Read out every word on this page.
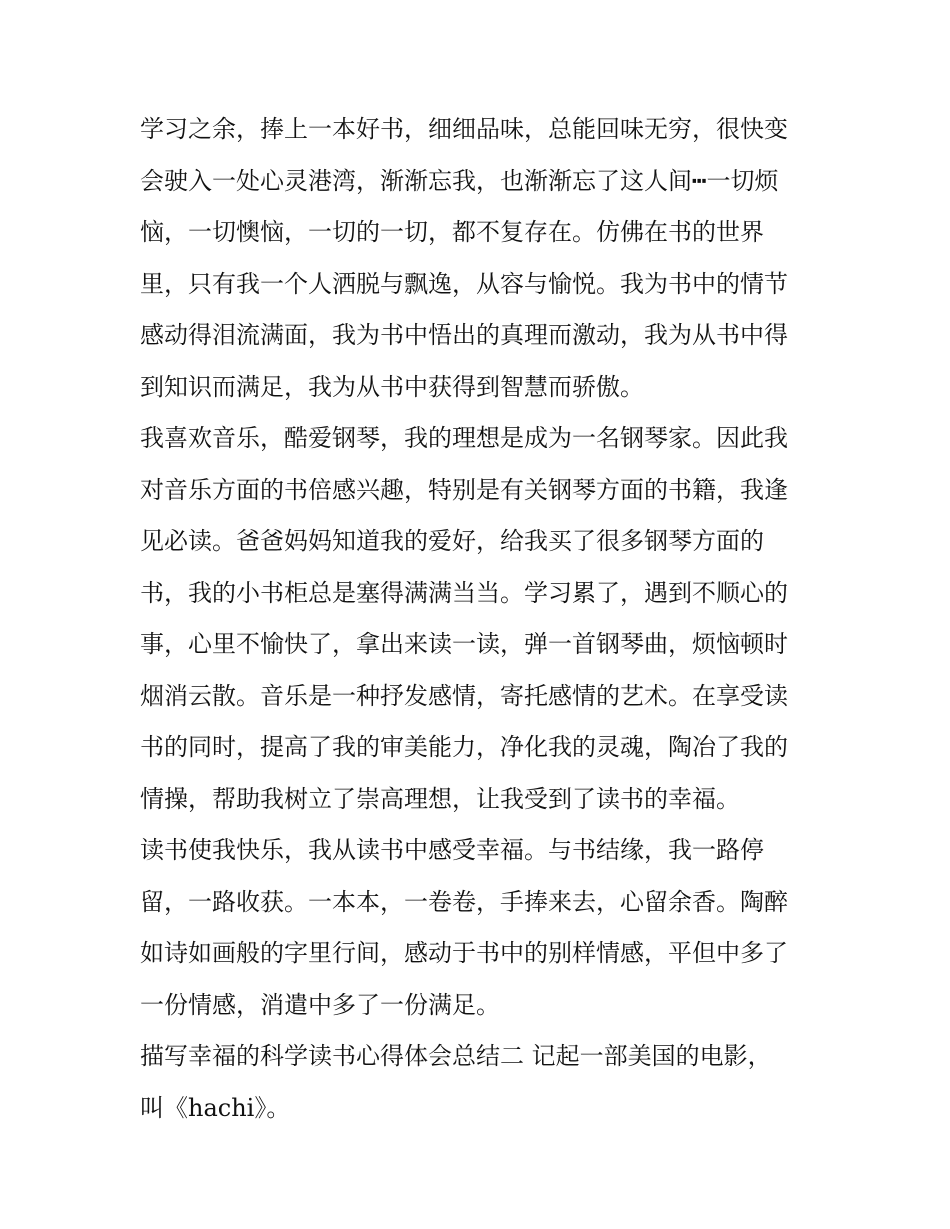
学习之余，捧上一本好书，细细品味，总能回味无穷，很快变

会驶入一处心灵港湾，渐渐忘我，也渐渐忘了这人间┅一切烦

恼，一切懊恼，一切的一切，都不复存在。仿佛在书的世界

里，只有我一个人洒脱与飘逸，从容与愉悦。我为书中的情节

感动得泪流满面，我为书中悟出的真理而激动，我为从书中得

到知识而满足，我为从书中获得到智慧而骄傲。

我喜欢音乐，酷爱钢琴，我的理想是成为一名钢琴家。因此我

对音乐方面的书倍感兴趣，特别是有关钢琴方面的书籍，我逢

见必读。爸爸妈妈知道我的爱好，给我买了很多钢琴方面的

书，我的小书柜总是塞得满满当当。学习累了，遇到不顺心的

事，心里不愉快了，拿出来读一读，弹一首钢琴曲，烦恼顿时

烟消云散。音乐是一种抒发感情，寄托感情的艺术。在享受读

书的同时，提高了我的审美能力，净化我的灵魂，陶冶了我的

情操，帮助我树立了崇高理想，让我受到了读书的幸福。

读书使我快乐，我从读书中感受幸福。与书结缘，我一路停

留，一路收获。一本本，一卷卷，手捧来去，心留余香。陶醉

如诗如画般的字里行间，感动于书中的别样情感，平但中多了

一份情感，消遣中多了一份满足。

描写幸福的科学读书心得体会总结二 记起一部美国的电影，

叫《hachi》。
